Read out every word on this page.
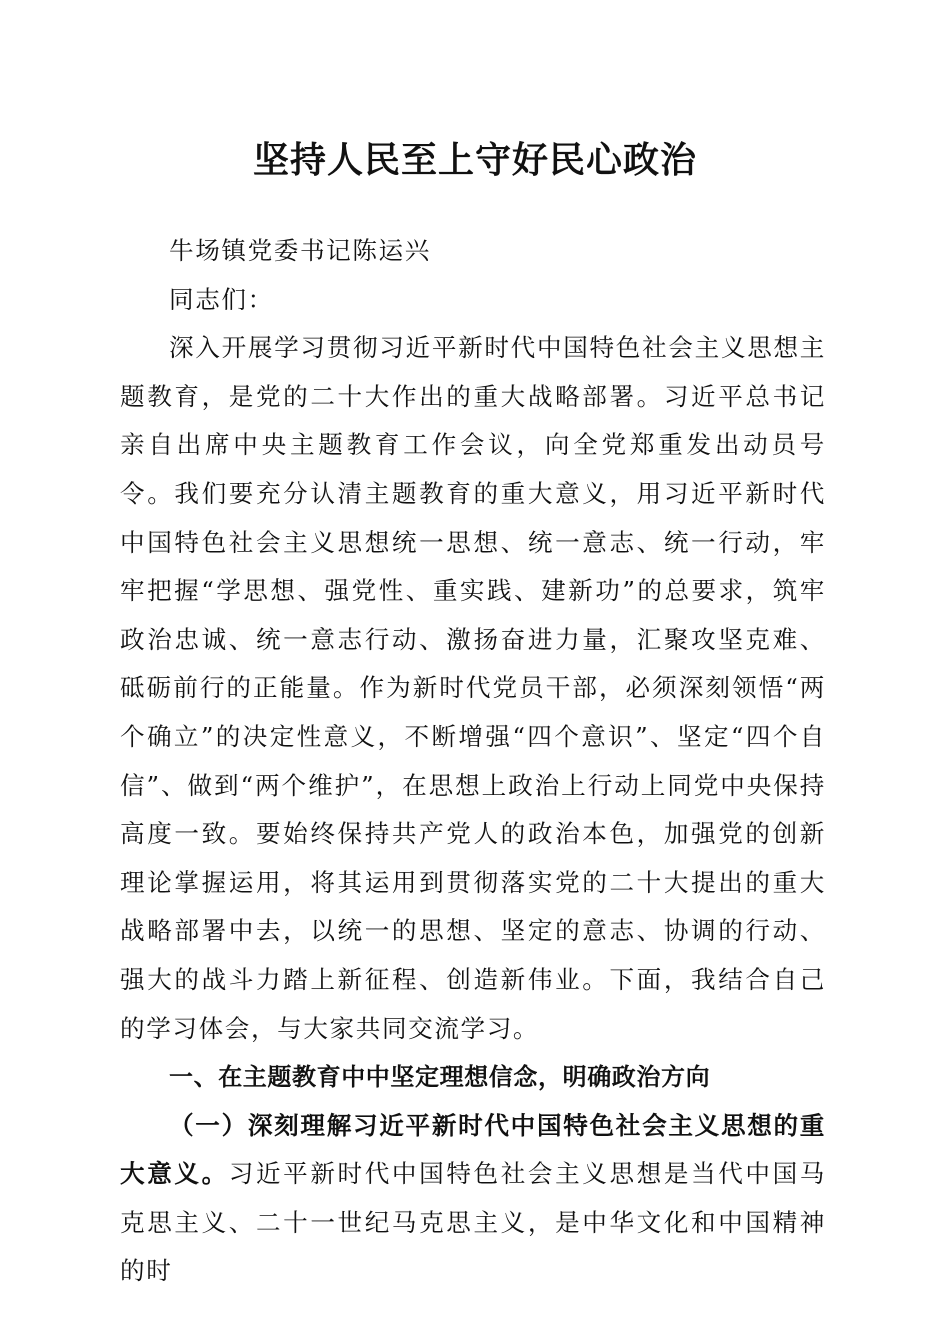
坚持人民至上守好民心政治
牛场镇党委书记陈运兴
同志们：

深入开展学习贯彻习近平新时代中国特色社会主义思想主题教育，是党的二十大作出的重大战略部署。习近平总书记亲自出席中央主题教育工作会议，向全党郑重发出动员号令。我们要充分认清主题教育的重大意义，用习近平新时代中国特色社会主义思想统一思想、统一意志、统一行动，牢牢把握“学思想、强党性、重实践、建新功”的总要求，筑牢政治忠诚、统一意志行动、激扬奋进力量，汇聚攻坚克难、砥砺前行的正能量。作为新时代党员干部，必须深刻领悟“两个确立”的决定性意义，不断增强“四个意识”、坚定“四个自信”、做到“两个维护”，在思想上政治上行动上同党中央保持高度一致。要始终保持共产党人的政治本色，加强党的创新理论掌握运用，将其运用到贯彻落实党的二十大提出的重大战略部署中去，以统一的思想、坚定的意志、协调的行动、强大的战斗力踏上新征程、创造新伟业。下面，我结合自己的学习体会，与大家共同交流学习。

一、在主题教育中中坚定理想信念，明确政治方向

（一）深刻理解习近平新时代中国特色社会主义思想的重大意义。习近平新时代中国特色社会主义思想是当代中国马克思主义、二十一世纪马克思主义，是中华文化和中国精神的时
